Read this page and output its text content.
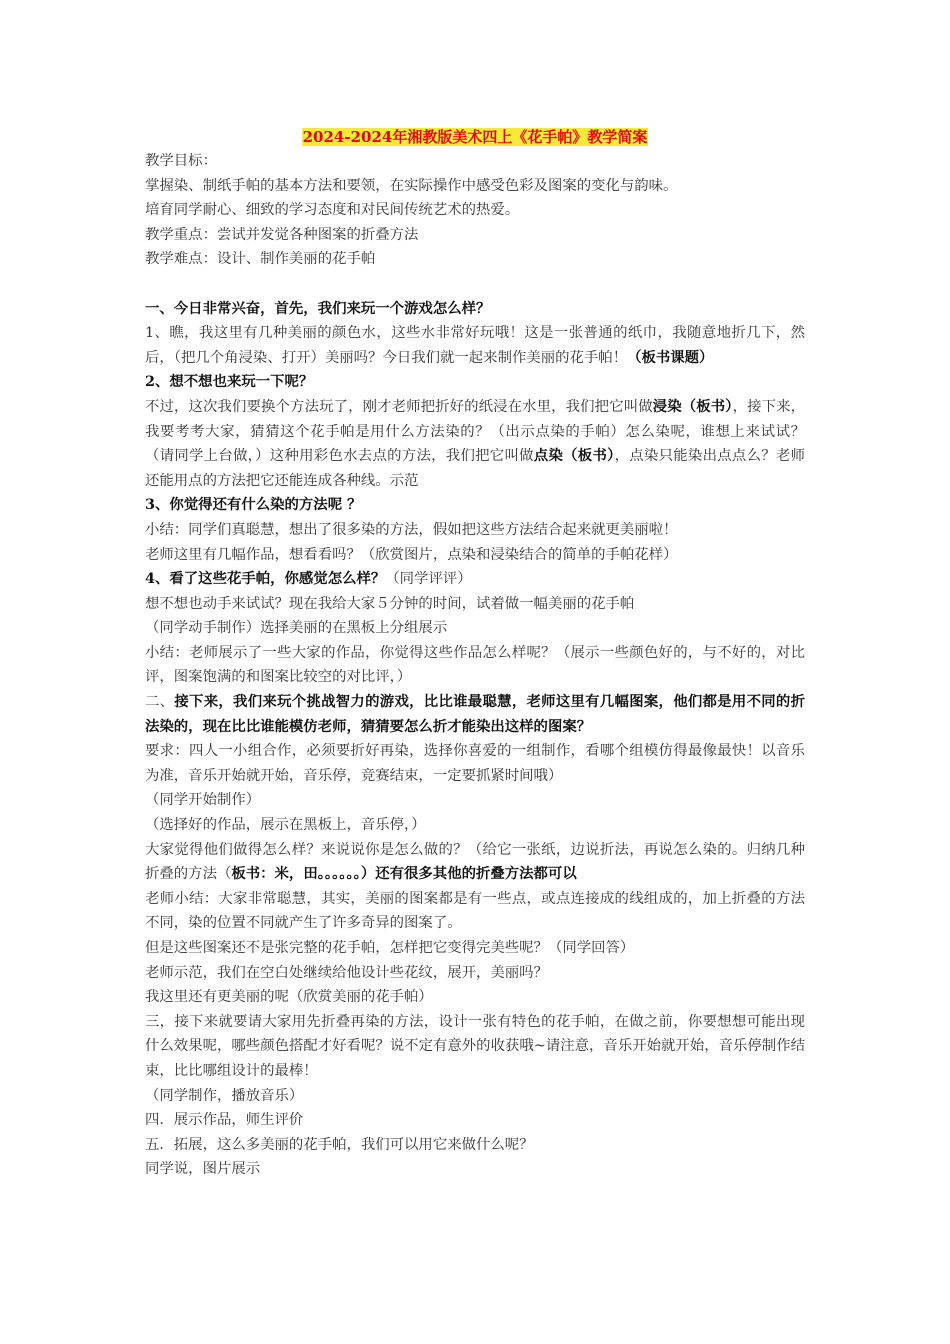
2024-2024年湘教版美术四上《花手帕》教学简案
教学目标：
掌握染、制纸手帕的基本方法和要领，在实际操作中感受色彩及图案的变化与韵味。
培育同学耐心、细致的学习态度和对民间传统艺术的热爱。
教学重点：尝试并发觉各种图案的折叠方法
教学难点：设计、制作美丽的花手帕
一、今日非常兴奋，首先，我们来玩一个游戏怎么样？
1、瞧，我这里有几种美丽的颜色水，这些水非常好玩哦！这是一张普通的纸巾，我随意地折几下，然后，（把几个角浸染、打开）美丽吗？今日我们就一起来制作美丽的花手帕！（板书课题）
2、想不想也来玩一下呢？
不过，这次我们要换个方法玩了，刚才老师把折好的纸浸在水里，我们把它叫做浸染（板书），接下来，我要考考大家，猜猜这个花手帕是用什么方法染的？（出示点染的手帕）怎么染呢，谁想上来试试？（请同学上台做，）这种用彩色水去点的方法，我们把它叫做点染（板书），点染只能染出点点么？老师还能用点的方法把它还能连成各种线。示范
3、你觉得还有什么染的方法呢 ？
小结：同学们真聪慧，想出了很多染的方法，假如把这些方法结合起来就更美丽啦！
老师这里有几幅作品，想看看吗？（欣赏图片，点染和浸染结合的简单的手帕花样）
4、看了这些花手帕，你感觉怎么样？（同学评评）
想不想也动手来试试？现在我给大家５分钟的时间，试着做一幅美丽的花手帕
（同学动手制作）选择美丽的在黑板上分组展示
小结：老师展示了一些大家的作品，你觉得这些作品怎么样呢？（展示一些颜色好的，与不好的，对比评，图案饱满的和图案比较空的对比评，）
二、接下来，我们来玩个挑战智力的游戏，比比谁最聪慧，老师这里有几幅图案，他们都是用不同的折法染的，现在比比谁能模仿老师，猜猜要怎么折才能染出这样的图案？
要求：四人一小组合作，必须要折好再染，选择你喜爱的一组制作，看哪个组模仿得最像最快！以音乐为准，音乐开始就开始，音乐停，竞赛结束，一定要抓紧时间哦）
（同学开始制作）
（选择好的作品，展示在黑板上，音乐停，）
大家觉得他们做得怎么样？来说说你是怎么做的？（给它一张纸，边说折法，再说怎么染的。归纳几种折叠的方法（板书：米，田。。。。。。）还有很多其他的折叠方法都可以
老师小结：大家非常聪慧，其实，美丽的图案都是有一些点，或点连接成的线组成的，加上折叠的方法不同，染的位置不同就产生了许多奇异的图案了。
但是这些图案还不是张完整的花手帕，怎样把它变得完美些呢？（同学回答）
老师示范，我们在空白处继续给他设计些花纹，展开，美丽吗？
我这里还有更美丽的呢（欣赏美丽的花手帕）
三，接下来就要请大家用先折叠再染的方法，设计一张有特色的花手帕，在做之前，你要想想可能出现什么效果呢，哪些颜色搭配才好看呢？说不定有意外的收获哦~请注意，音乐开始就开始，音乐停制作结束，比比哪组设计的最棒！
（同学制作，播放音乐）
四．展示作品，师生评价
五．拓展，这么多美丽的花手帕，我们可以用它来做什么呢？
同学说，图片展示
